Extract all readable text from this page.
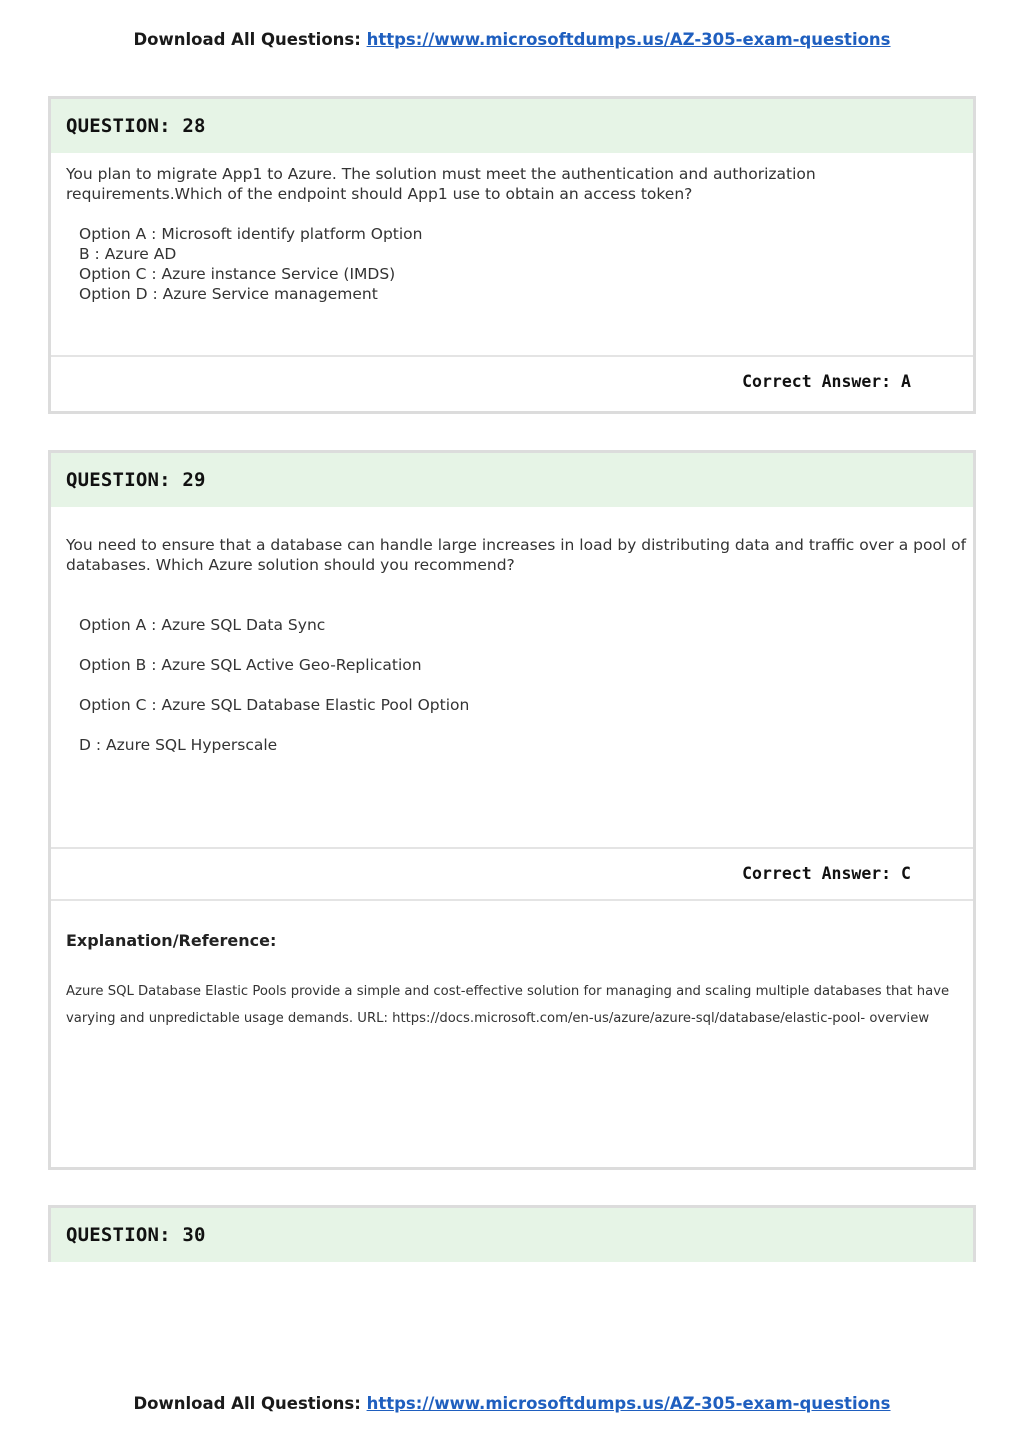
Download All Questions: https://www.microsoftdumps.us/AZ-305-exam-questions
QUESTION: 28

You plan to migrate App1 to Azure. The solution must meet the authentication and authorization requirements.Which of the endpoint should App1 use to obtain an access token?

Option A : Microsoft identify platform Option
B : Azure AD
Option C : Azure instance Service (IMDS)
Option D : Azure Service management
Correct Answer: A
QUESTION: 29

You need to ensure that a database can handle large increases in load by distributing data and traffic over a pool of databases. Which Azure solution should you recommend?

Option A : Azure SQL Data Sync
Option B : Azure SQL Active Geo-Replication
Option C : Azure SQL Database Elastic Pool Option
D : Azure SQL Hyperscale
Correct Answer: C
Explanation/Reference:
Azure SQL Database Elastic Pools provide a simple and cost-effective solution for managing and scaling multiple databases that have varying and unpredictable usage demands. URL: https://docs.microsoft.com/en-us/azure/azure-sql/database/elastic-pool- overview
QUESTION: 30
Download All Questions: https://www.microsoftdumps.us/AZ-305-exam-questions
